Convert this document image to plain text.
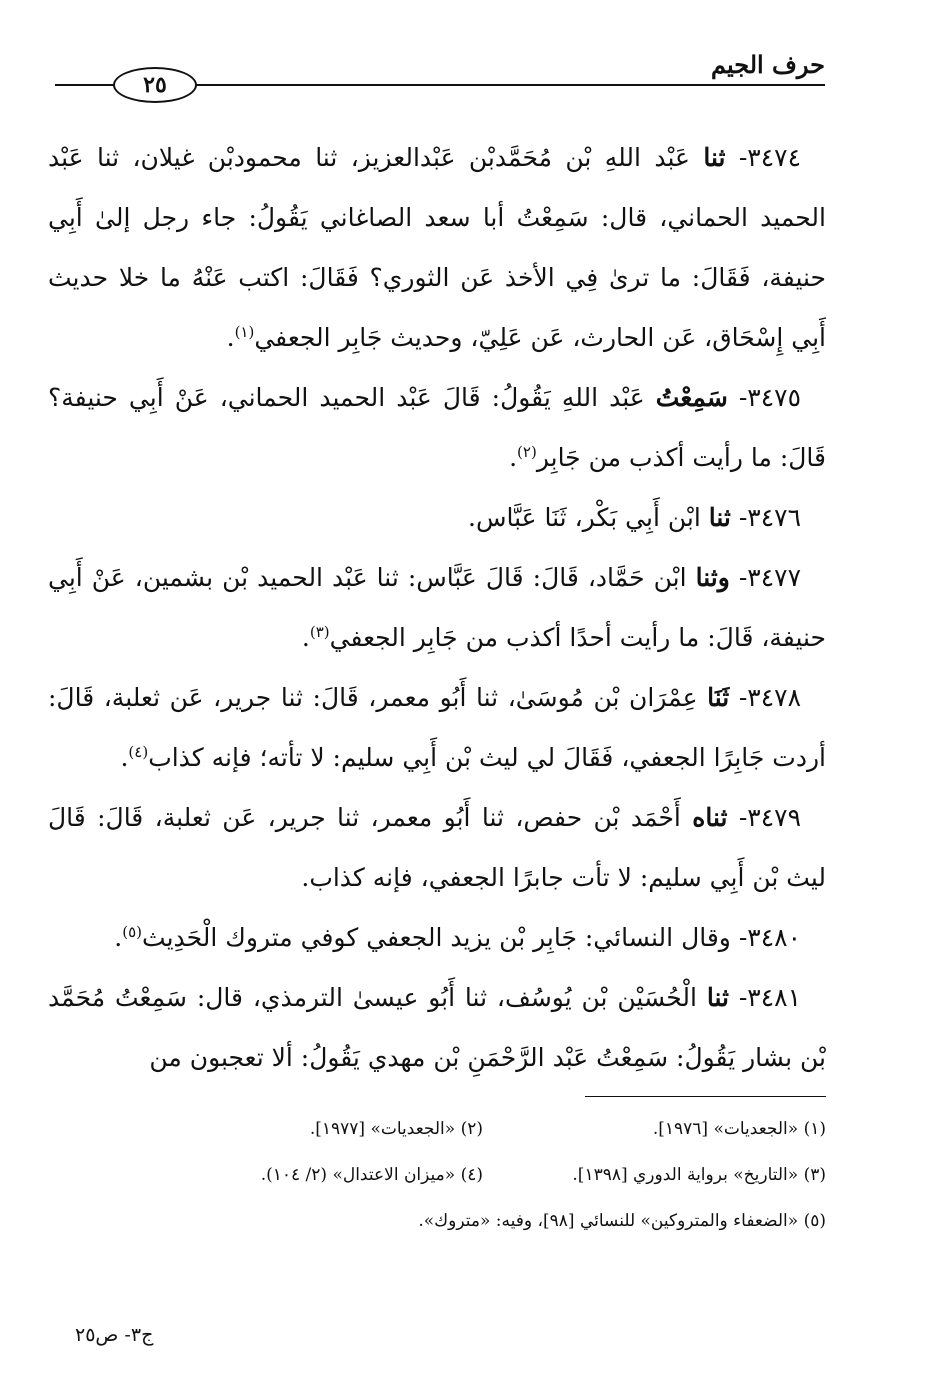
حرف الجيم
٢٥

 ٣٤٧٤- ثنا عَبْد اللهِ بْن مُحَمَّدبْن عَبْدالعزيز، ثنا محمودبْن غيلان، ثنا عَبْد الحميد الحماني، قال: سَمِعْتُ أبا سعد الصاغاني يَقُولُ: جاء رجل إلىٰ أَبِي حنيفة، فَقَالَ: ما ترىٰ فِي الأخذ عَن الثوري؟ فَقَالَ: اكتب عَنْهُ ما خلا حديث أَبِي إِسْحَاق، عَن الحارث، عَن عَلِيّ، وحديث جَابِر الجعفي$^{(١)}$.

 ٣٤٧٥- سَمِعْتُ عَبْد اللهِ يَقُولُ: قَالَ عَبْد الحميد الحماني، عَنْ أَبِي حنيفة؟ قَالَ: ما رأيت أكذب من جَابِر$^{(٢)}$.

 ٣٤٧٦- ثنا ابْن أَبِي بَكْر، ثَنَا عَبَّاس.

 ٣٤٧٧- وثنا ابْن حَمَّاد، قَالَ: قَالَ عَبَّاس: ثنا عَبْد الحميد بْن بشمين، عَنْ أَبِي حنيفة، قَالَ: ما رأيت أحدًا أكذب من جَابِر الجعفي$^{(٣)}$.

 ٣٤٧٨- ثَنَا عِمْرَان بْن مُوسَىٰ، ثنا أَبُو معمر، قَالَ: ثنا جرير، عَن ثعلبة، قَالَ: أردت جَابِرًا الجعفي، فَقَالَ لي ليث بْن أَبِي سليم: لا تأته؛ فإنه كذاب$^{(٤)}$.

 ٣٤٧٩- ثناه أَحْمَد بْن حفص، ثنا أَبُو معمر، ثنا جرير، عَن ثعلبة، قَالَ: قَالَ ليث بْن أَبِي سليم: لا تأت جابرًا الجعفي، فإنه كذاب.

 ٣٤٨٠- وقال النسائي: جَابِر بْن يزيد الجعفي كوفي متروك الْحَدِيث$^{(٥)}$.

 ٣٤٨١- ثنا الْحُسَيْن بْن يُوسُف، ثنا أَبُو عيسىٰ الترمذي، قال: سَمِعْتُ مُحَمَّد بْن بشار يَقُولُ: سَمِعْتُ عَبْد الرَّحْمَنِ بْن مهدي يَقُولُ: ألا تعجبون من

(١) «الجعديات» [١٩٧٦].
(٢) «الجعديات» [١٩٧٧].
(٣) «التاريخ» برواية الدوري [١٣٩٨].
(٤) «ميزان الاعتدال» (٢/ ١٠٤).
(٥) «الضعفاء والمتروكين» للنسائي [٩٨]، وفيه: «متروك».
ج٣- ص٢٥
